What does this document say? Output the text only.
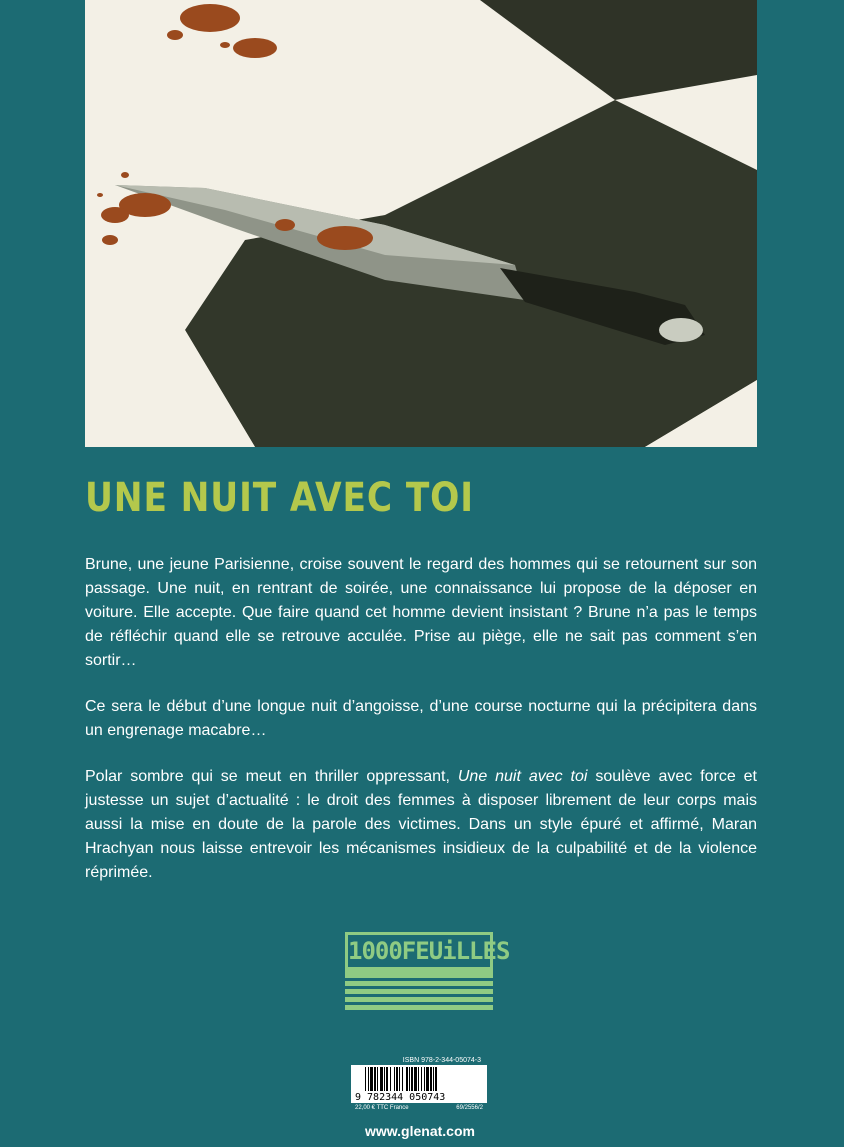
UNE NUIT AVEC TOI

Brune, une jeune Parisienne, croise souvent le regard des hommes qui se retournent sur son passage. Une nuit, en rentrant de soirée, une connaissance lui propose de la déposer en voiture. Elle accepte. Que faire quand cet homme devient insistant ? Brune n’a pas le temps de réfléchir quand elle se retrouve acculée. Prise au piège, elle ne sait pas comment s’en sortir…

Ce sera le début d’une longue nuit d’angoisse, d’une course nocturne qui la précipitera dans un engrenage macabre…

Polar sombre qui se meut en thriller oppressant, Une nuit avec toi soulève avec force et justesse un sujet d’actualité : le droit des femmes à disposer librement de leur corps mais aussi la mise en doute de la parole des victimes. Dans un style épuré et affirmé, Maran Hrachyan nous laisse entrevoir les mécanismes insidieux de la culpabilité et de la violence réprimée.

1000FEUiLLES
ISBN 978-2-344-05074-3
9 782344 050743
22,00 € TTC France	69/2556/2
www.glenat.com
